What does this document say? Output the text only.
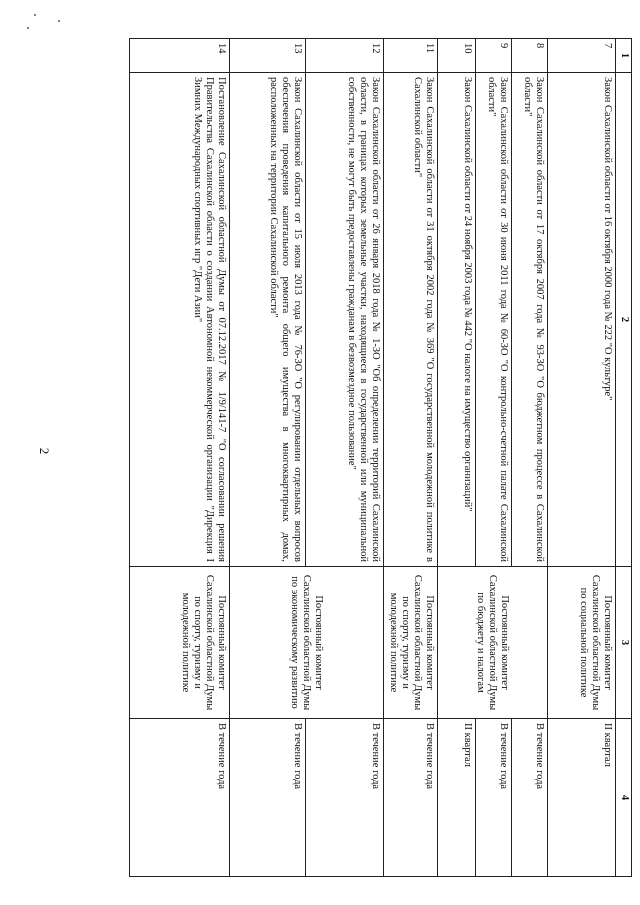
2
1	2	3	4
7	Закон Сахалинской области от 16 октября 2000 года № 222 "О культуре"	Постоянный комитет Сахалинской областной Думы по социальной политике	II квартал
8	Закон Сахалинской области от 17 октября 2007 года № 93-ЗО "О бюджетном процессе в Сахалинской области"	Постоянный комитет Сахалинской областной Думы по бюджету и налогам	В течение года
9	Закон Сахалинской области от 30 июня 2011 года № 60-ЗО "О контрольно-счетной палате Сахалинской области"		В течение года
10	Закон Сахалинской области от 24 ноября 2003 года № 442 "О налоге на имущество организаций"		II квартал
11	Закон Сахалинской области от 31 октября 2002 года № 369 "О государственной молодежной политике в Сахалинской области"	Постоянный комитет Сахалинской областной Думы по спорту, туризму и молодежной политике	В течение года
12	Закон Сахалинской области от 26 января 2018 года № 1-ЗО "Об определении территорий Сахалинской области, в границах которых земельные участки, находящиеся в государственной или муниципальной собственности, не могут быть предоставлены гражданам в безвозмездное пользование"	Постоянный комитет Сахалинской областной Думы по экономическому развитию	В течение года
13	Закон Сахалинской области от 15 июля 2013 года № 76-ЗО "О регулировании отдельных вопросов обеспечения проведения капитального ремонта общего имущества в многоквартирных домах, расположенных на территории Сахалинской области"		В течение года
14	Постановление Сахалинской областной Думы от 07.12.2017 № 1/9/141-7 "О согласовании решения Правительства Сахалинской области о создании Автономной некоммерческой организации "Дирекция I Зимних Международных спортивных игр "Дети Азии"	Постоянный комитет Сахалинской областной Думы по спорту, туризму и молодежной политике	В течение года
